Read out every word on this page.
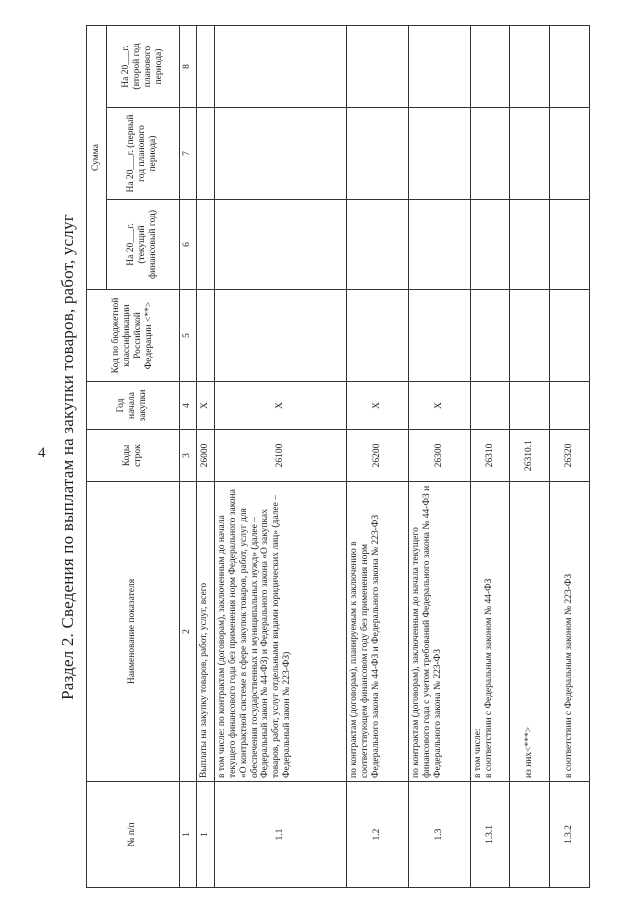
4 Раздел 2. Сведения по выплатам на закупки товаров, работ, услуг
№ п/п	Наименование показателя	Коды строк	Год начала закупки	Код по бюджетной классификации Российской Федерации <**>	Сумма		
					На 20___г. (текущий финансовый год)	На 20___г. (первый год планового периода)	На 20___г. (второй год планового периода)
1	2	3	4	5	6	7	8
1	Выплаты на закупку товаров, работ, услуг, всего	26000	X				
1.1	в том числе: по контрактам (договорам), заключенным до начала текущего финансового года без применения норм Федерального закона «О контрактной системе в сфере закупок товаров, работ, услуг для обеспечения государственных и муниципальных нужд» (далее – Федеральный закон № 44-ФЗ) и Федерального закона «О закупках товаров, работ, услуг отдельными видами юридических лиц» (далее – Федеральный закон № 223-ФЗ)	26100	X				
1.2	по контрактам (договорам), планируемым к заключению в соответствующем финансовом году без применения норм Федерального закона № 44-ФЗ и Федерального закона № 223-ФЗ	26200	X				
1.3	по контрактам (договорам), заключенным до начала текущего финансового года с учетом требований Федерального закона № 44-ФЗ и Федерального закона № 223-ФЗ	26300	X				
1.3.1	в том числе: в соответствии с Федеральным законом № 44-ФЗ	26310					
	из них<***>	26310.1					
1.3.2	в соответствии с Федеральным законом № 223-ФЗ	26320					
